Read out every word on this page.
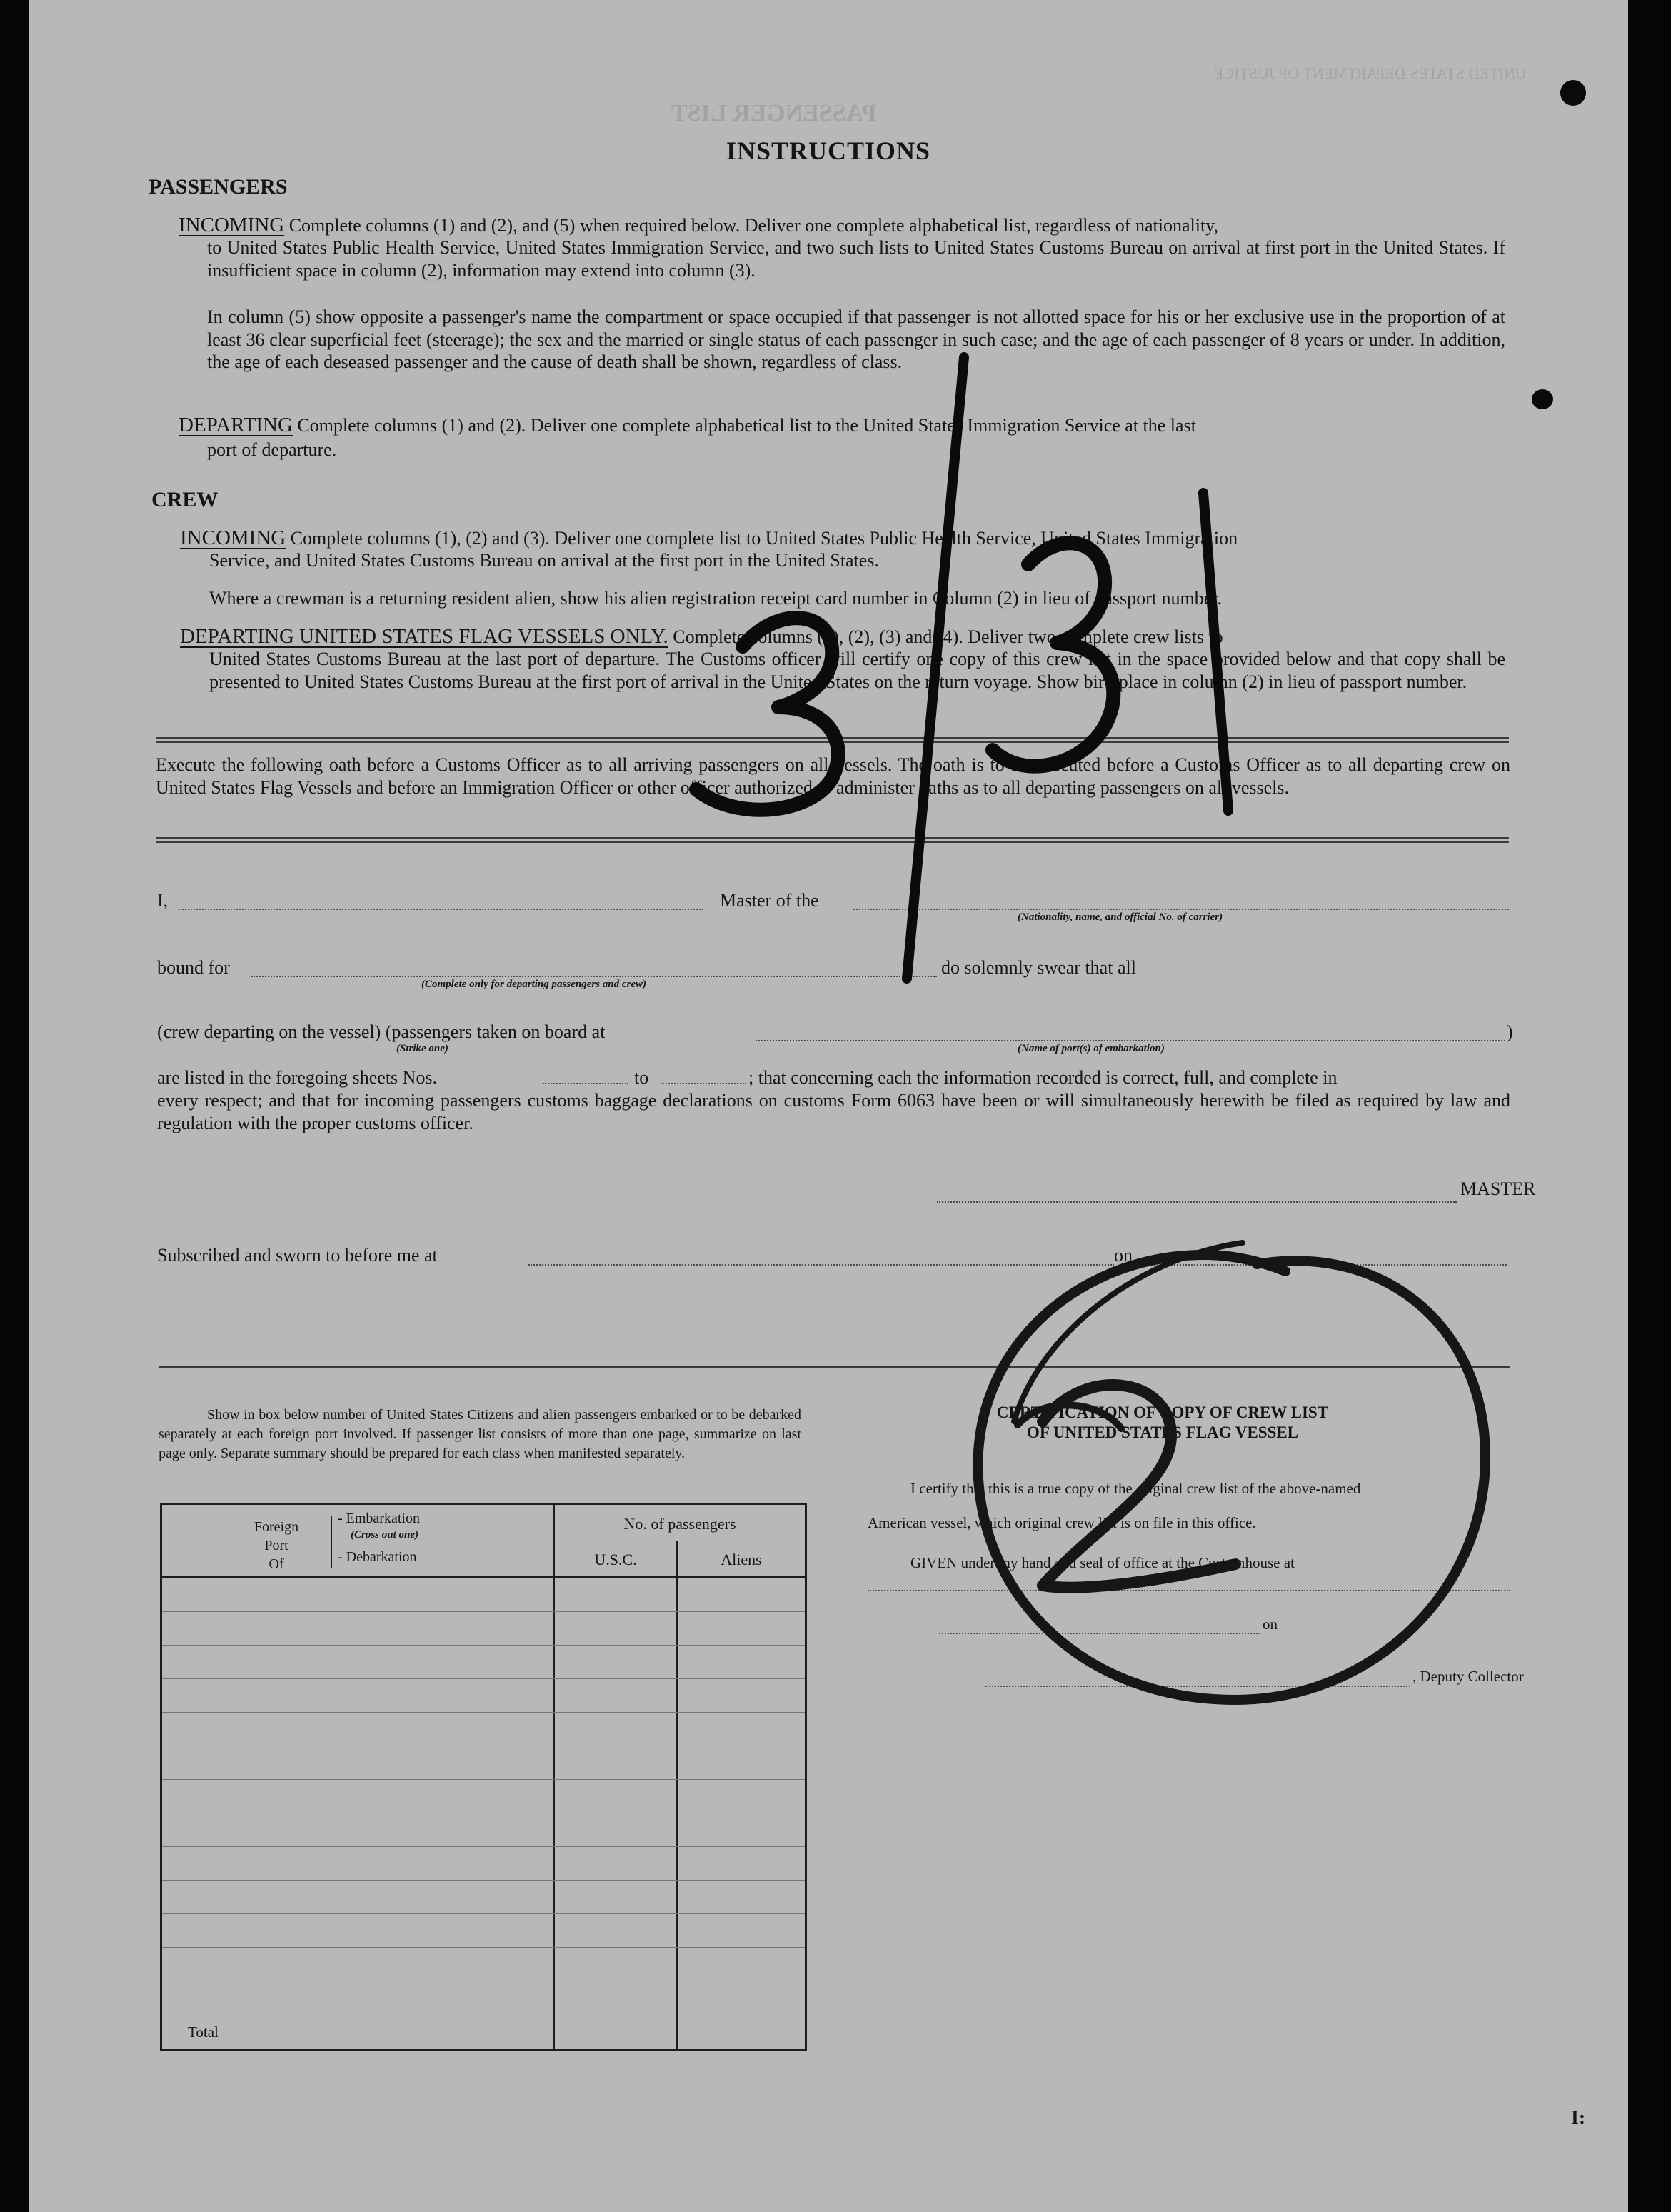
PASSENGER LIST
UNITED STATES DEPARTMENT OF JUSTICE
INSTRUCTIONS
PASSENGERS
INCOMING Complete columns (1) and (2), and (5) when required below. Deliver one complete alphabetical list, regardless of nationality,
to United States Public Health Service, United States Immigration Service, and two such lists to United States Customs Bureau on arrival at first port in the United States. If insufficient space in column (2), information may extend into column (3).
In column (5) show opposite a passenger's name the compartment or space occupied if that passenger is not allotted space for his or her exclusive use in the proportion of at least 36 clear superficial feet (steerage); the sex and the married or single status of each passenger in such case; and the age of each passenger of 8 years or under. In addition, the age of each deseased passenger and the cause of death shall be shown, regardless of class.
DEPARTING Complete columns (1) and (2). Deliver one complete alphabetical list to the United States Immigration Service at the last
port of departure.
CREW
INCOMING Complete columns (1), (2) and (3). Deliver one complete list to United States Public Health Service, United States Immigration
Service, and United States Customs Bureau on arrival at the first port in the United States.
Where a crewman is a returning resident alien, show his alien registration receipt card number in Column (2) in lieu of passport number.
DEPARTING UNITED STATES FLAG VESSELS ONLY. Complete columns (1), (2), (3) and (4). Deliver two complete crew lists to
United States Customs Bureau at the last port of departure. The Customs officer will certify one copy of this crew list in the space provided below and that copy shall be presented to United States Customs Bureau at the first port of arrival in the United States on the return voyage. Show birthplace in column (2) in lieu of passport number.
Execute the following oath before a Customs Officer as to all arriving passengers on all vessels. The oath is to be executed before a Customs Officer as to all departing crew on United States Flag Vessels and before an Immigration Officer or other officer authorized to administer oaths as to all departing passengers on all vessels.
I,	Master of the
(Nationality, name, and official No. of carrier)
bound for
(Complete only for departing passengers and crew)
do solemnly swear that all
(crew departing on the vessel) (passengers taken on board at
(Strike one)	(Name of port(s) of embarkation)
)
are listed in the foregoing sheets Nos.	to	; that concerning each the information recorded is correct, full, and complete in
every respect; and that for incoming passengers customs baggage declarations on customs Form 6063 have been or will simultaneously herewith be filed as required by law and regulation with the proper customs officer.
MASTER
Subscribed and sworn to before me at	on
Show in box below number of United States Citizens and alien passengers embarked or to be debarked separately at each foreign port involved. If passenger list consists of more than one page, summarize on last page only. Separate summary should be prepared for each class when manifested separately.
Foreign
Port
Of
- Embarkation
(Cross out one)
- Debarkation
No. of passengers
U.S.C.	Aliens
Total
CERTIFICATION OF COPY OF CREW LIST
OF UNITED STATES FLAG VESSEL
I certify that this is a true copy of the original crew list of the above-named
American vessel, which original crew list is on file in this office.
GIVEN under my hand and seal of office at the Customhouse at
on
, Deputy Collector
I:
